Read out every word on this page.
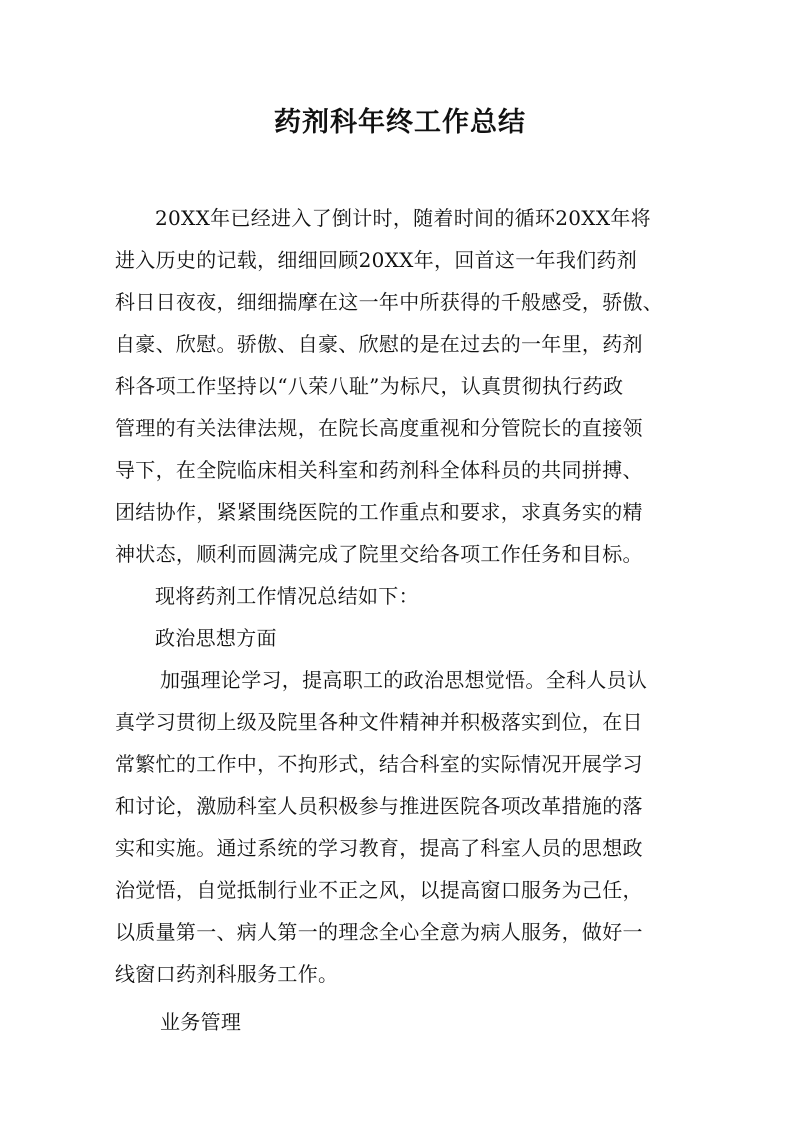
药剂科年终工作总结
20XX年已经进入了倒计时，随着时间的循环20XX年将
进入历史的记载，细细回顾20XX年，回首这一年我们药剂
科日日夜夜，细细揣摩在这一年中所获得的千般感受，骄傲、
自豪、欣慰。骄傲、自豪、欣慰的是在过去的一年里，药剂
科各项工作坚持以“八荣八耻”为标尺，认真贯彻执行药政
管理的有关法律法规，在院长高度重视和分管院长的直接领
导下，在全院临床相关科室和药剂科全体科员的共同拼搏、
团结协作，紧紧围绕医院的工作重点和要求，求真务实的精
神状态，顺利而圆满完成了院里交给各项工作任务和目标。
现将药剂工作情况总结如下：
政治思想方面
加强理论学习，提高职工的政治思想觉悟。全科人员认
真学习贯彻上级及院里各种文件精神并积极落实到位，在日
常繁忙的工作中，不拘形式，结合科室的实际情况开展学习
和讨论，激励科室人员积极参与推进医院各项改革措施的落
实和实施。通过系统的学习教育，提高了科室人员的思想政
治觉悟，自觉抵制行业不正之风，以提高窗口服务为己任，
以质量第一、病人第一的理念全心全意为病人服务，做好一
线窗口药剂科服务工作。
业务管理
